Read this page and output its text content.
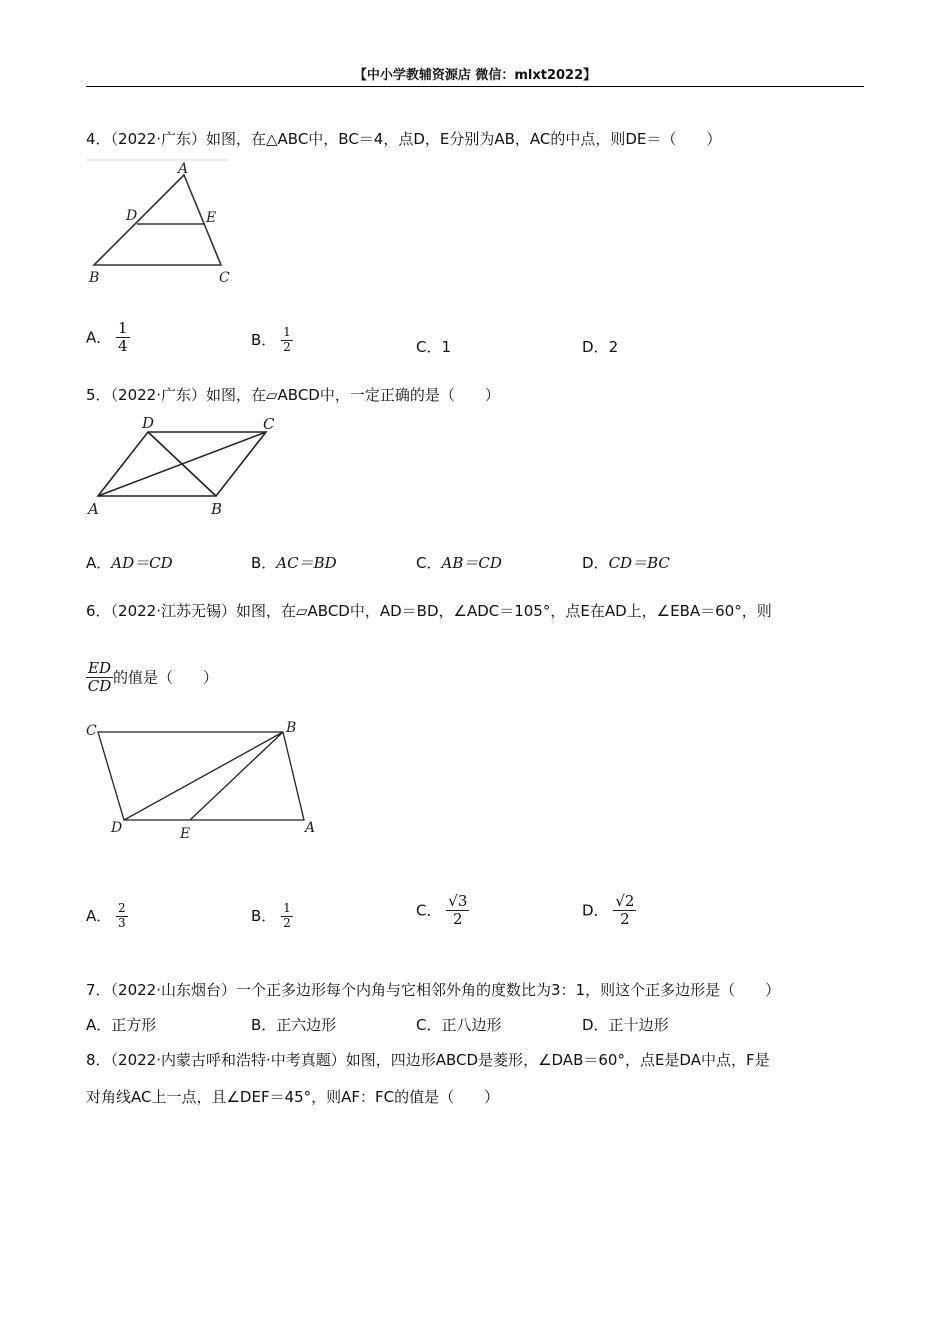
【中小学教辅资源店 微信：mlxt2022】
4．（2022·广东）如图，在△ABC中，BC＝4，点D，E分别为AB，AC的中点，则DE＝（　　）
A
B	C
D	E
A． $\frac{1}{4}$	B． $\frac{1}{2}$	C．1	D．2
5．（2022·广东）如图，在▱ABCD中，一定正确的是（　　）
A	B
C
D
A．AD＝CD	B．AC＝BD	C．AB＝CD	D．CD＝BC
6．（2022·江苏无锡）如图，在▱ABCD中，AD＝BD，∠ADC＝105°，点E在AD上，∠EBA＝60°，则
$\frac{ED}{CD}$ 的值是（　　）
C	B
D	E	A
A． $\frac{2}{3}$	B． $\frac{1}{2}$	C． $\frac{√3}{2}$	D． $\frac{√2}{2}$
7．（2022·山东烟台）一个正多边形每个内角与它相邻外角的度数比为3：1，则这个正多边形是（　　）
A．正方形	B．正六边形	C．正八边形	D．正十边形
8．（2022·内蒙古呼和浩特·中考真题）如图，四边形ABCD是菱形，∠DAB＝60°，点E是DA中点，F是
对角线AC上一点，且∠DEF＝45°，则AF：FC的值是（　　）
